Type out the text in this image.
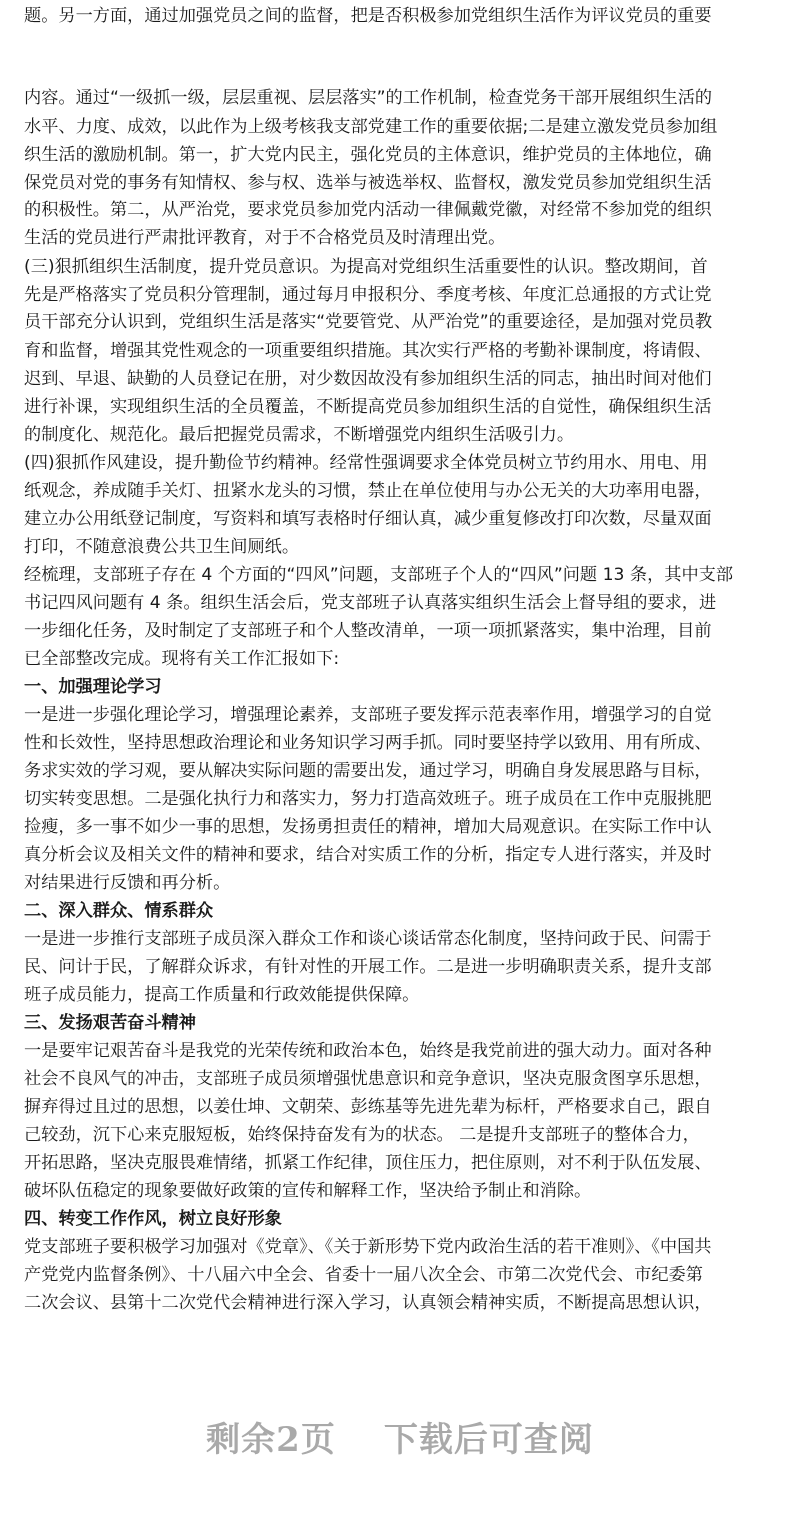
题。另一方面，通过加强党员之间的监督，把是否积极参加党组织生活作为评议党员的重要
内容。通过“一级抓一级，层层重视、层层落实”的工作机制，检查党务干部开展组织生活的
水平、力度、成效，以此作为上级考核我支部党建工作的重要依据;二是建立激发党员参加组
织生活的激励机制。第一，扩大党内民主，强化党员的主体意识，维护党员的主体地位，确
保党员对党的事务有知情权、参与权、选举与被选举权、监督权，激发党员参加党组织生活
的积极性。第二，从严治党，要求党员参加党内活动一律佩戴党徽，对经常不参加党的组织
生活的党员进行严肃批评教育，对于不合格党员及时清理出党。
(三)狠抓组织生活制度，提升党员意识。为提高对党组织生活重要性的认识。整改期间，首
先是严格落实了党员积分管理制，通过每月申报积分、季度考核、年度汇总通报的方式让党
员干部充分认识到，党组织生活是落实“党要管党、从严治党”的重要途径，是加强对党员教
育和监督，增强其党性观念的一项重要组织措施。其次实行严格的考勤补课制度，将请假、
迟到、早退、缺勤的人员登记在册，对少数因故没有参加组织生活的同志，抽出时间对他们
进行补课，实现组织生活的全员覆盖，不断提高党员参加组织生活的自觉性，确保组织生活
的制度化、规范化。最后把握党员需求，不断增强党内组织生活吸引力。
(四)狠抓作风建设，提升勤俭节约精神。经常性强调要求全体党员树立节约用水、用电、用
纸观念，养成随手关灯、扭紧水龙头的习惯，禁止在单位使用与办公无关的大功率用电器，
建立办公用纸登记制度，写资料和填写表格时仔细认真，减少重复修改打印次数，尽量双面
打印，不随意浪费公共卫生间厕纸。
经梳理，支部班子存在 4 个方面的“四风”问题，支部班子个人的“四风”问题 13 条，其中支部
书记四风问题有 4 条。组织生活会后，党支部班子认真落实组织生活会上督导组的要求，进
一步细化任务，及时制定了支部班子和个人整改清单，一项一项抓紧落实，集中治理，目前
已全部整改完成。现将有关工作汇报如下:
一、加强理论学习
一是进一步强化理论学习，增强理论素养，支部班子要发挥示范表率作用，增强学习的自觉
性和长效性，坚持思想政治理论和业务知识学习两手抓。同时要坚持学以致用、用有所成、
务求实效的学习观，要从解决实际问题的需要出发，通过学习，明确自身发展思路与目标，
切实转变思想。二是强化执行力和落实力，努力打造高效班子。班子成员在工作中克服挑肥
捡瘦，多一事不如少一事的思想，发扬勇担责任的精神，增加大局观意识。在实际工作中认
真分析会议及相关文件的精神和要求，结合对实质工作的分析，指定专人进行落实，并及时
对结果进行反馈和再分析。
二、深入群众、情系群众
一是进一步推行支部班子成员深入群众工作和谈心谈话常态化制度，坚持问政于民、问需于
民、问计于民，了解群众诉求，有针对性的开展工作。二是进一步明确职责关系，提升支部
班子成员能力，提高工作质量和行政效能提供保障。
三、发扬艰苦奋斗精神
一是要牢记艰苦奋斗是我党的光荣传统和政治本色，始终是我党前进的强大动力。面对各种
社会不良风气的冲击，支部班子成员须增强忧患意识和竞争意识，坚决克服贪图享乐思想，
摒弃得过且过的思想，以姜仕坤、文朝荣、彭练基等先进先辈为标杆，严格要求自己，跟自
己较劲，沉下心来克服短板，始终保持奋发有为的状态。 二是提升支部班子的整体合力，
开拓思路，坚决克服畏难情绪，抓紧工作纪律，顶住压力，把住原则，对不利于队伍发展、
破坏队伍稳定的现象要做好政策的宣传和解释工作，坚决给予制止和消除。
四、转变工作作风，树立良好形象
党支部班子要积极学习加强对《党章》、《关于新形势下党内政治生活的若干准则》、《中国共
产党党内监督条例》、十八届六中全会、省委十一届八次全会、市第二次党代会、市纪委第
二次会议、县第十二次党代会精神进行深入学习，认真领会精神实质，不断提高思想认识，
剩余2页 下载后可查阅
